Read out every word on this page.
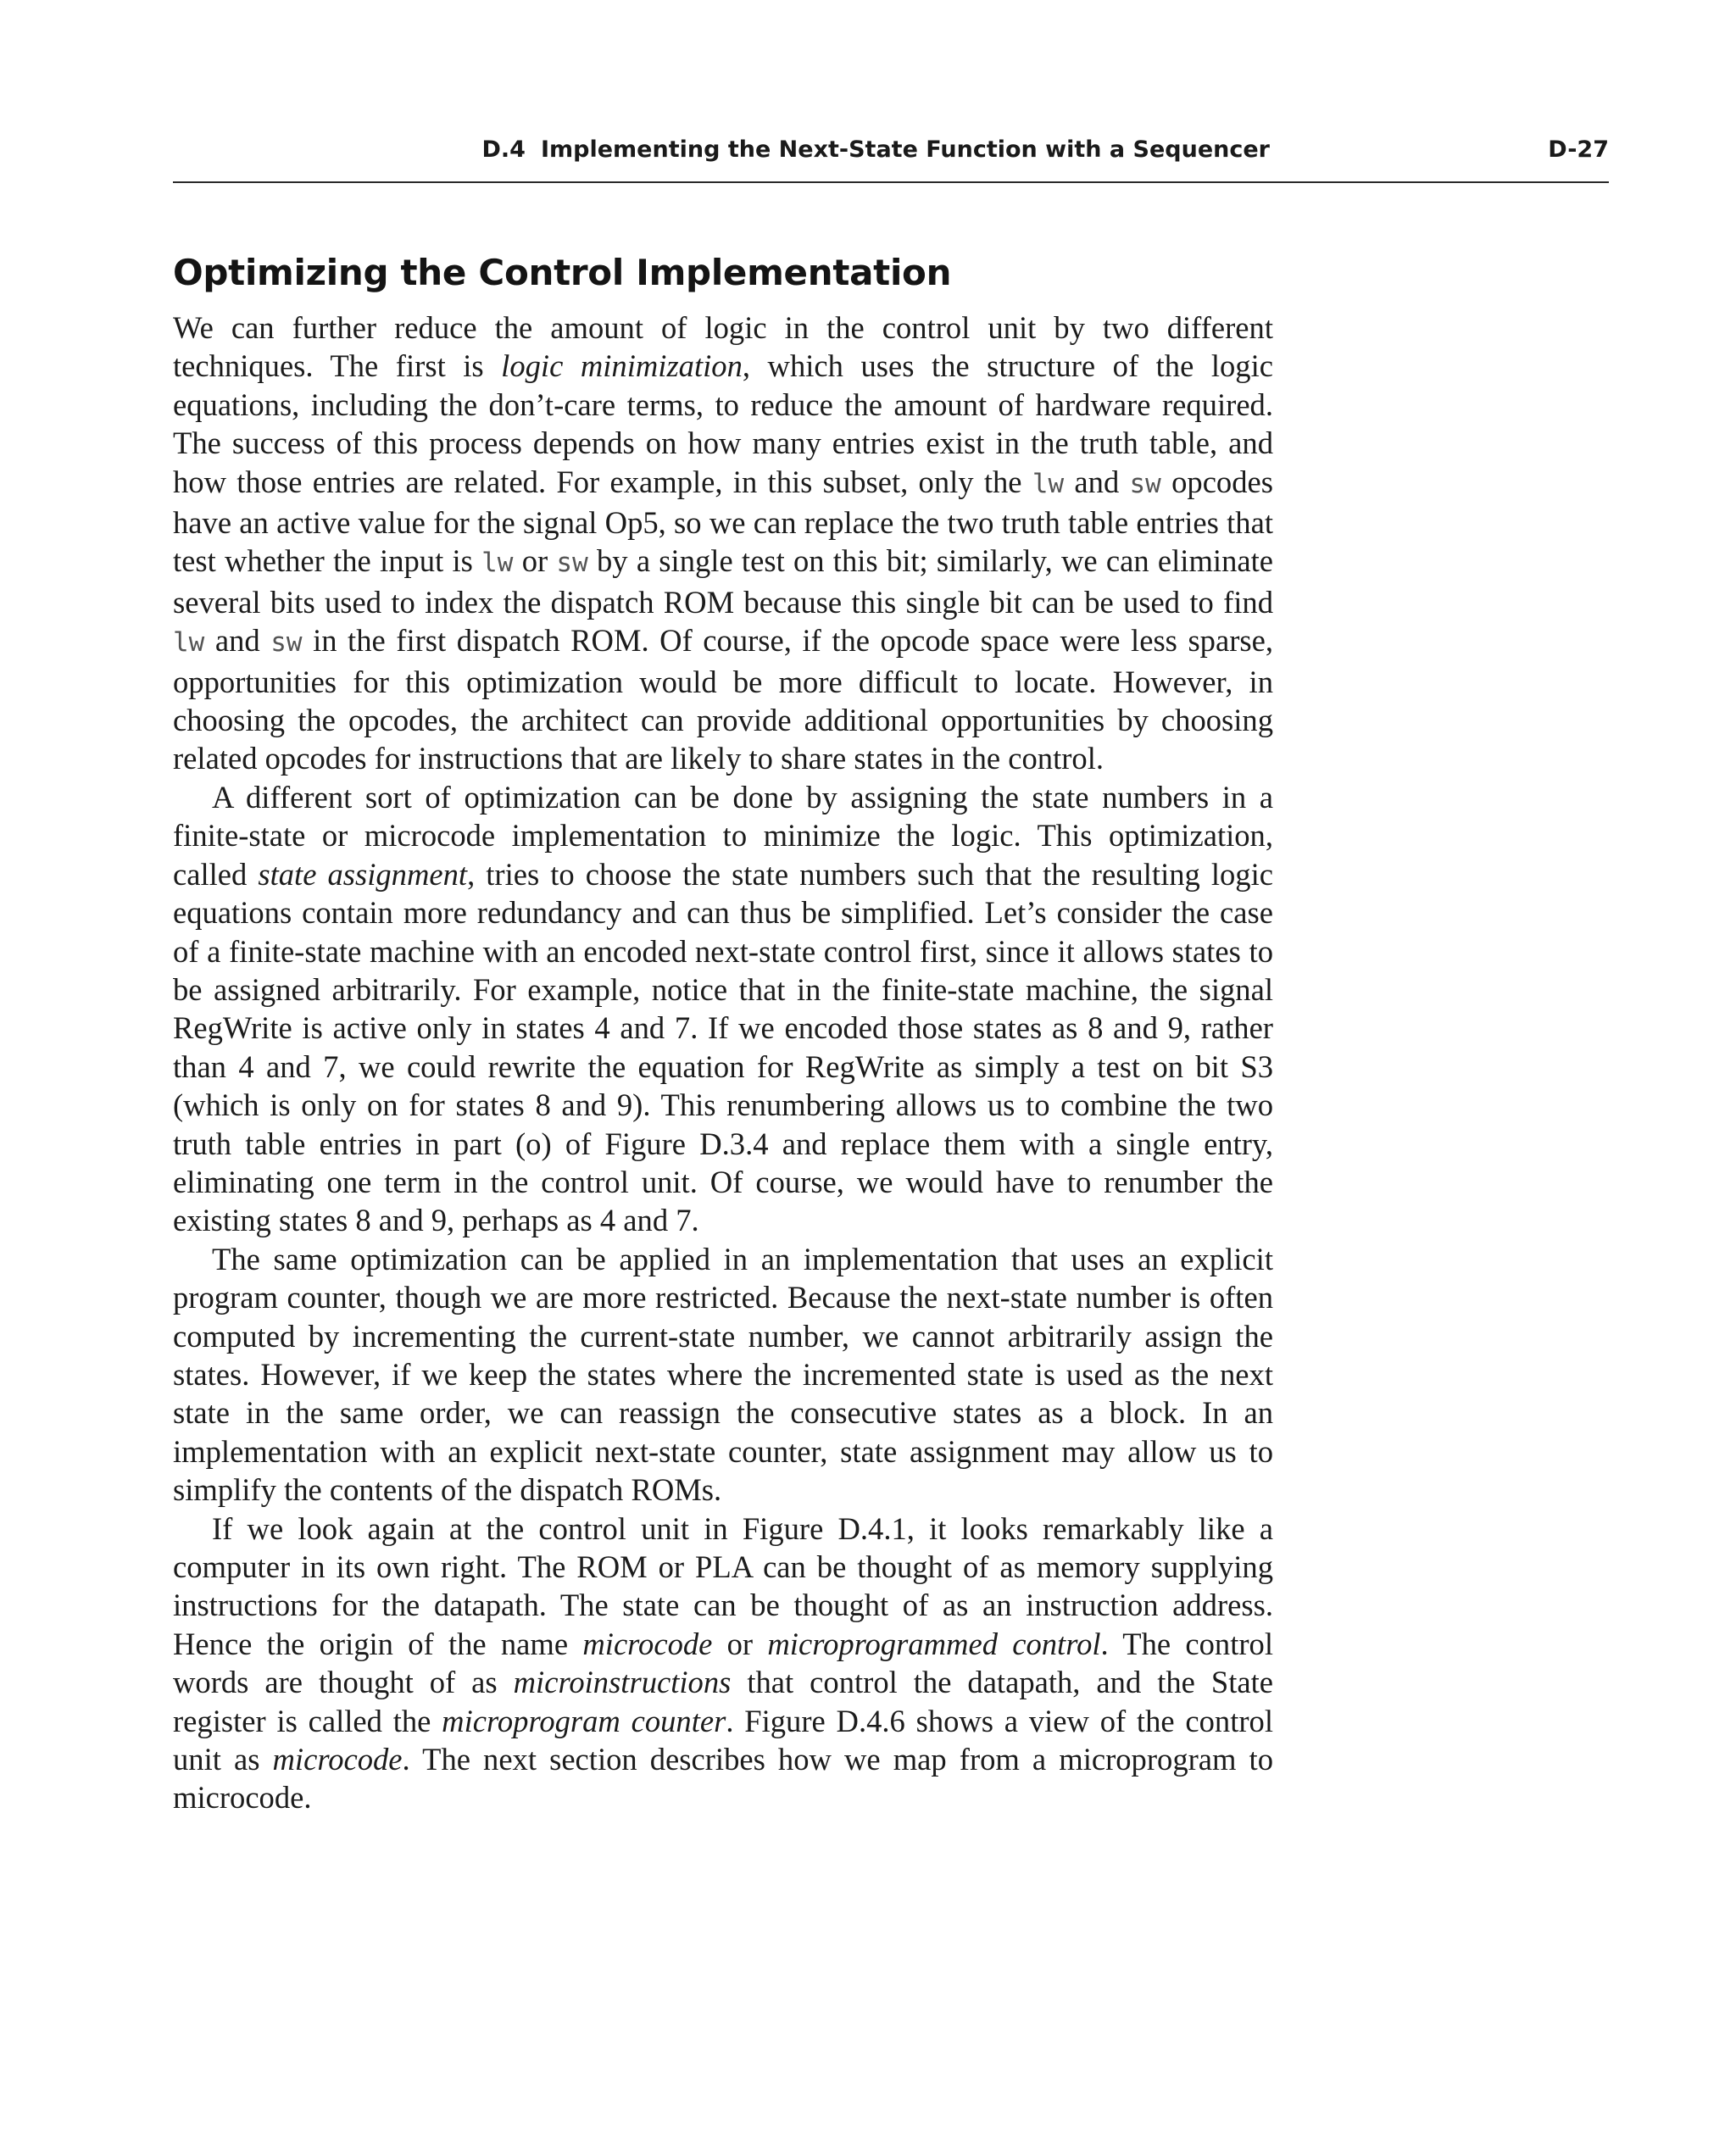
D.4 Implementing the Next-State Function with a Sequencer	D-27
Optimizing the Control Implementation

We can further reduce the amount of logic in the control unit by two different techniques. The first is logic minimization, which uses the structure of the logic equations, including the don’t-care terms, to reduce the amount of hardware required. The success of this process depends on how many entries exist in the truth table, and how those entries are related. For example, in this subset, only the lw and sw opcodes have an active value for the signal Op5, so we can replace the two truth table entries that test whether the input is lw or sw by a single test on this bit; similarly, we can eliminate several bits used to index the dispatch ROM because this single bit can be used to find lw and sw in the first dispatch ROM. Of course, if the opcode space were less sparse, opportunities for this optimization would be more difficult to locate. However, in choosing the opcodes, the architect can provide additional opportunities by choosing related opcodes for instructions that are likely to share states in the control.

A different sort of optimization can be done by assigning the state numbers in a finite-state or microcode implementation to minimize the logic. This optimization, called state assignment, tries to choose the state numbers such that the resulting logic equations contain more redundancy and can thus be simplified. Let’s consider the case of a finite-state machine with an encoded next-state control first, since it allows states to be assigned arbitrarily. For example, notice that in the finite-state machine, the signal RegWrite is active only in states 4 and 7. If we encoded those states as 8 and 9, rather than 4 and 7, we could rewrite the equation for RegWrite as simply a test on bit S3 (which is only on for states 8 and 9). This renumbering allows us to combine the two truth table entries in part (o) of Figure D.3.4 and replace them with a single entry, eliminating one term in the control unit. Of course, we would have to renumber the existing states 8 and 9, perhaps as 4 and 7.

The same optimization can be applied in an implementation that uses an explicit program counter, though we are more restricted. Because the next-state number is often computed by incrementing the current-state number, we cannot arbitrarily assign the states. However, if we keep the states where the incremented state is used as the next state in the same order, we can reassign the consecutive states as a block. In an implementation with an explicit next-state counter, state assignment may allow us to simplify the contents of the dispatch ROMs.

If we look again at the control unit in Figure D.4.1, it looks remarkably like a computer in its own right. The ROM or PLA can be thought of as memory supplying instructions for the datapath. The state can be thought of as an instruction address. Hence the origin of the name microcode or microprogrammed control. The control words are thought of as microinstructions that control the datapath, and the State register is called the microprogram counter. Figure D.4.6 shows a view of the control unit as microcode. The next section describes how we map from a microprogram to microcode.
